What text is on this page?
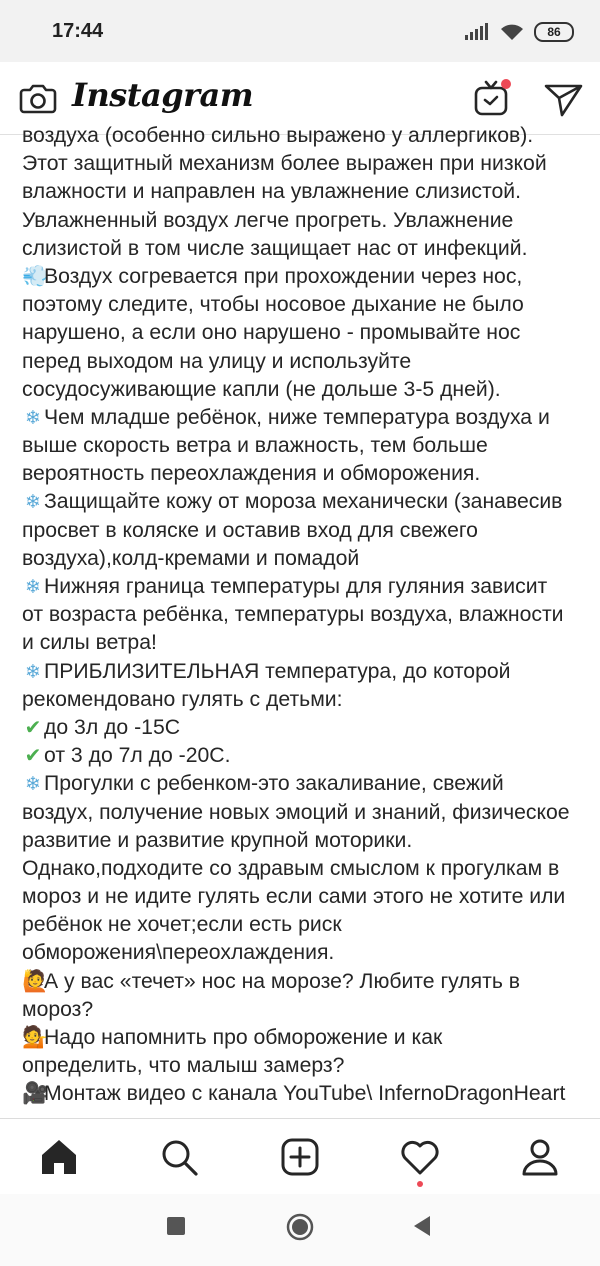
17:44	86
Instagram
воздуха (особенно сильно выражено у аллергиков).
Этот защитный механизм более выражен при низкой
влажности и направлен на увлажнение слизистой.
Увлажненный воздух легче прогреть. Увлажнение
слизистой в том числе защищает нас от инфекций.
💨Воздух согревается при прохождении через нос,
поэтому следите, чтобы носовое дыхание не было
нарушено, а если оно нарушено - промывайте нос
перед выходом на улицу и используйте
сосудосуживающие капли (не дольше 3-5 дней).
❄ Чем младше ребёнок, ниже температура воздуха и
выше скорость ветра и влажность, тем больше
вероятность переохлаждения и обморожения.
❄ Защищайте кожу от мороза механически (занавесив
просвет в коляске и оставив вход для свежего
воздуха),колд-кремами и помадой
❄ Нижняя граница температуры для гуляния зависит
от возраста ребёнка, температуры воздуха, влажности
и силы ветра!
❄ ПРИБЛИЗИТЕЛЬНАЯ температура, до которой
рекомендовано гулять с детьми:
✔ до 3л до -15С
✔ от 3 до 7л до -20С.
❄ Прогулки с ребенком-это закаливание, свежий
воздух, получение новых эмоций и знаний, физическое
развитие и развитие крупной моторики.
Однако,подходите со здравым смыслом к прогулкам в
мороз и не идите гулять если сами этого не хотите или
ребёнок не хочет;если есть риск
обморожения\переохлаждения.
🙋А у вас «течет» нос на морозе? Любите гулять в
мороз?
💁Надо напомнить про обморожение и как
определить, что малыш замерз?
🎥Монтаж видео с канала YouTube\ InfernoDragonHeart
